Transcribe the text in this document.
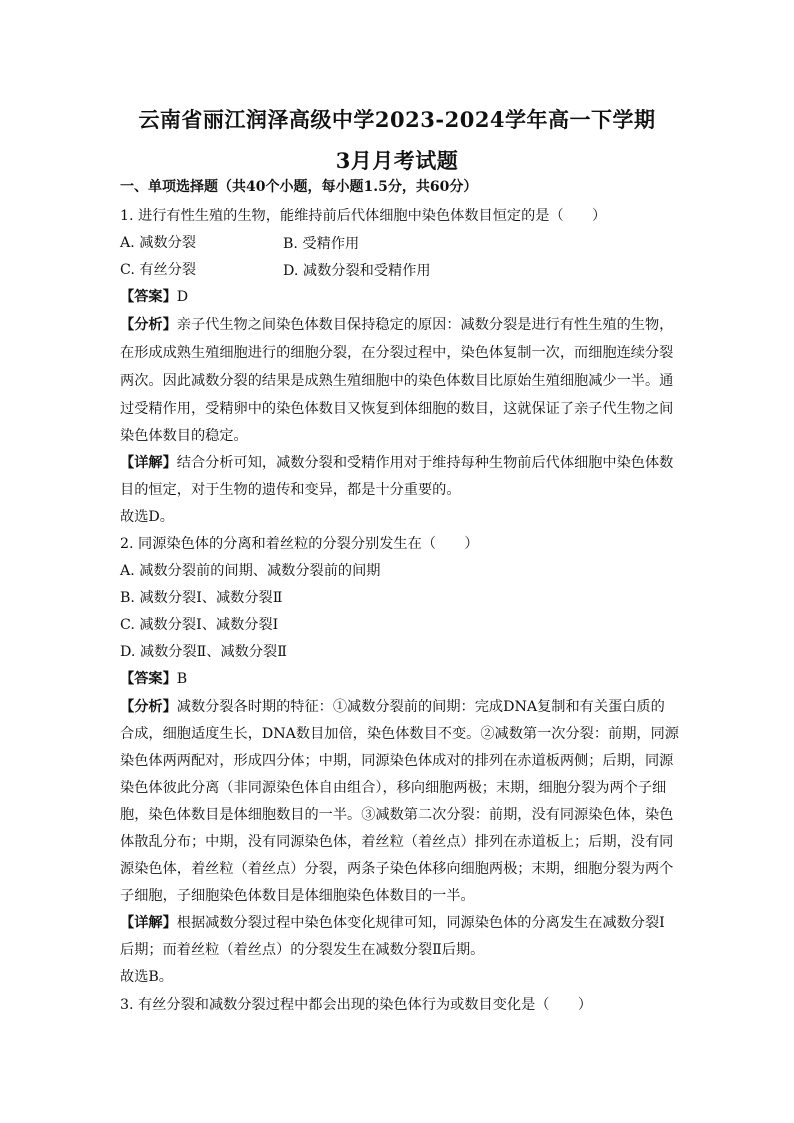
云南省丽江润泽高级中学2023-2024学年高一下学期
3月月考试题
一、单项选择题（共40个小题，每小题1.5分，共60分）
1. 进行有性生殖的生物，能维持前后代体细胞中染色体数目恒定的是（　　）
A. 减数分裂	B. 受精作用
C. 有丝分裂	D. 减数分裂和受精作用
【答案】D
【分析】亲子代生物之间染色体数目保持稳定的原因：减数分裂是进行有性生殖的生物，
在形成成熟生殖细胞进行的细胞分裂，在分裂过程中，染色体复制一次，而细胞连续分裂
两次。因此减数分裂的结果是成熟生殖细胞中的染色体数目比原始生殖细胞减少一半。通
过受精作用，受精卵中的染色体数目又恢复到体细胞的数目，这就保证了亲子代生物之间
染色体数目的稳定。
【详解】结合分析可知，减数分裂和受精作用对于维持每种生物前后代体细胞中染色体数
目的恒定，对于生物的遗传和变异，都是十分重要的。
故选D。
2. 同源染色体的分离和着丝粒的分裂分别发生在（　　）
A. 减数分裂前的间期、减数分裂前的间期
B. 减数分裂Ⅰ、减数分裂Ⅱ
C. 减数分裂Ⅰ、减数分裂Ⅰ
D. 减数分裂Ⅱ、减数分裂Ⅱ
【答案】B
【分析】减数分裂各时期的特征：①减数分裂前的间期：完成DNA复制和有关蛋白质的
合成，细胞适度生长，DNA数目加倍，染色体数目不变。②减数第一次分裂：前期，同源
染色体两两配对，形成四分体；中期，同源染色体成对的排列在赤道板两侧；后期，同源
染色体彼此分离（非同源染色体自由组合），移向细胞两极；末期，细胞分裂为两个子细
胞，染色体数目是体细胞数目的一半。③减数第二次分裂：前期，没有同源染色体，染色
体散乱分布；中期，没有同源染色体，着丝粒（着丝点）排列在赤道板上；后期，没有同
源染色体，着丝粒（着丝点）分裂，两条子染色体移向细胞两极；末期，细胞分裂为两个
子细胞，子细胞染色体数目是体细胞染色体数目的一半。
【详解】根据减数分裂过程中染色体变化规律可知，同源染色体的分离发生在减数分裂Ⅰ
后期；而着丝粒（着丝点）的分裂发生在减数分裂Ⅱ后期。
故选B。
3. 有丝分裂和减数分裂过程中都会出现的染色体行为或数目变化是（　　）
